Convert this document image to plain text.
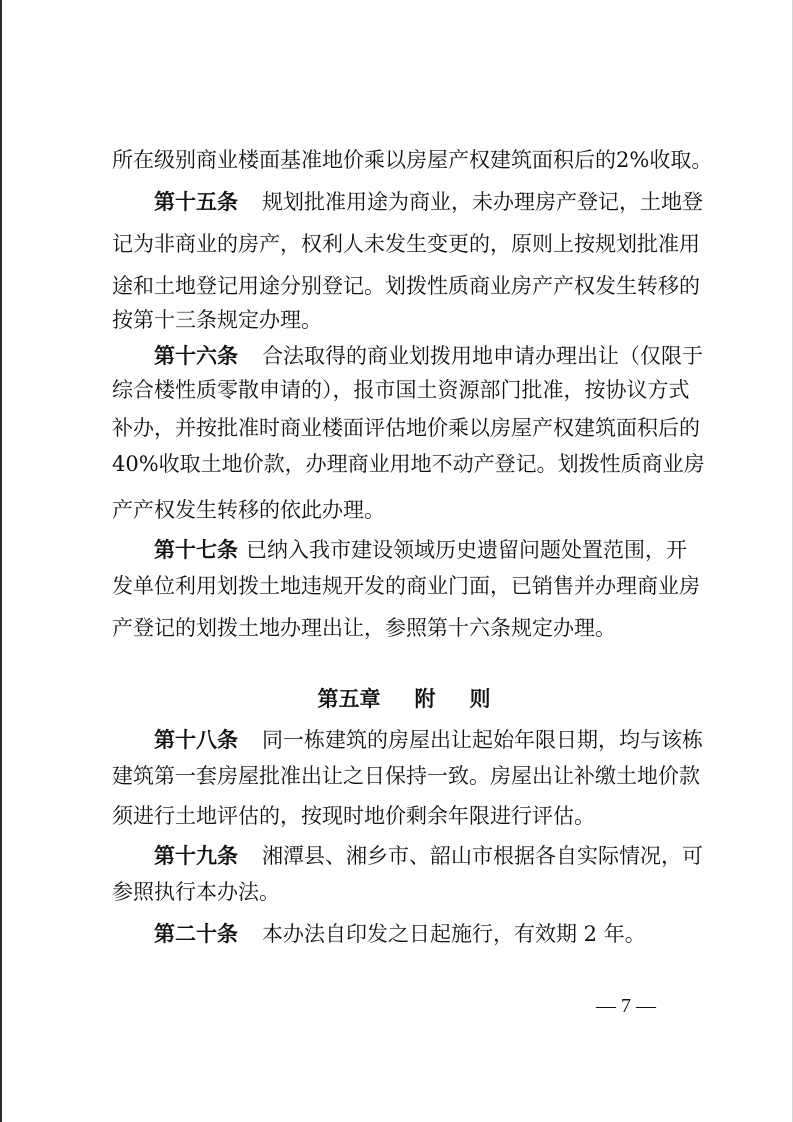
所在级别商业楼面基准地价乘以房屋产权建筑面积后的2%收取。
第十五条 规划批准用途为商业，未办理房产登记，土地登
记为非商业的房产，权利人未发生变更的，原则上按规划批准用
途和土地登记用途分别登记。划拨性质商业房产产权发生转移的
按第十三条规定办理。
第十六条 合法取得的商业划拨用地申请办理出让（仅限于
综合楼性质零散申请的），报市国土资源部门批准，按协议方式
补办，并按批准时商业楼面评估地价乘以房屋产权建筑面积后的
40%收取土地价款，办理商业用地不动产登记。划拨性质商业房
产产权发生转移的依此办理。
第十七条 已纳入我市建设领域历史遗留问题处置范围，开
发单位利用划拨土地违规开发的商业门面，已销售并办理商业房
产登记的划拨土地办理出让，参照第十六条规定办理。
第五章 附 则
第十八条 同一栋建筑的房屋出让起始年限日期，均与该栋
建筑第一套房屋批准出让之日保持一致。房屋出让补缴土地价款
须进行土地评估的，按现时地价剩余年限进行评估。
第十九条 湘潭县、湘乡市、韶山市根据各自实际情况，可
参照执行本办法。
第二十条 本办法自印发之日起施行，有效期 2 年。
— 7 —
